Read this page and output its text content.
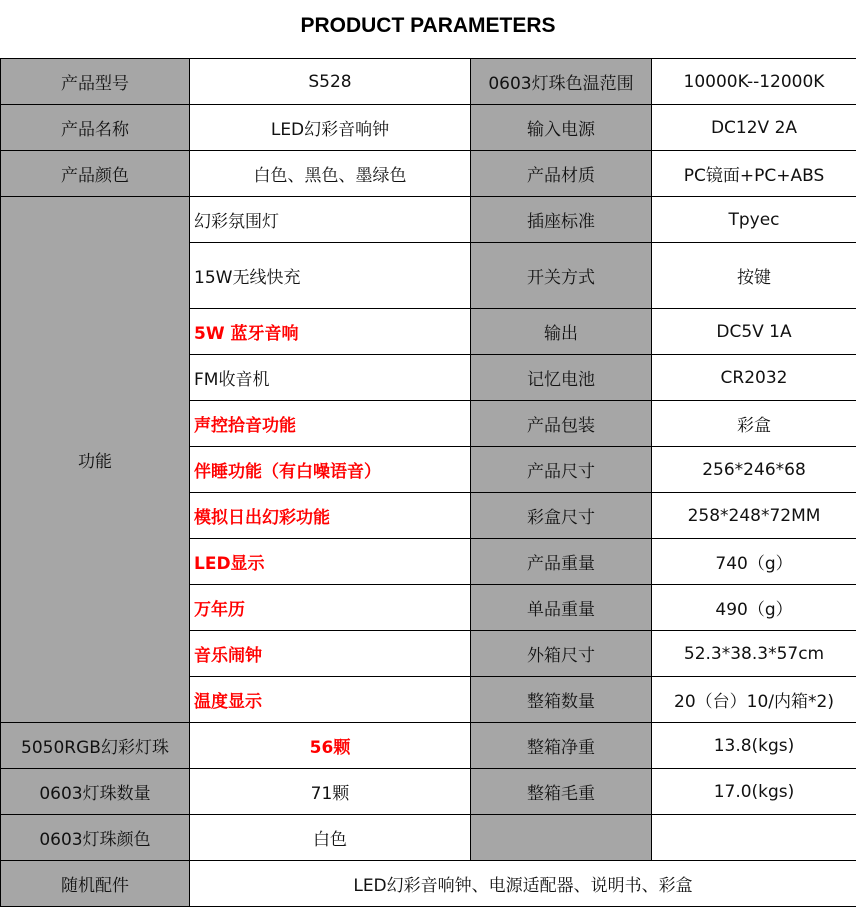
PRODUCT PARAMETERS
产品型号	S528	0603灯珠色温范围	10000K--12000K
产品名称	LED幻彩音响钟	输入电源	DC12V 2A
产品颜色	白色、黑色、墨绿色	产品材质	PC镜面+PC+ABS
功能	幻彩氛围灯	插座标准	Tpyec
	15W无线快充	开关方式	按键
	5W 蓝牙音响	输出	DC5V 1A
	FM收音机	记忆电池	CR2032
	声控拾音功能	产品包装	彩盒
	伴睡功能（有白噪语音）	产品尺寸	256*246*68
	模拟日出幻彩功能	彩盒尺寸	258*248*72MM
	LED显示	产品重量	740（g）
	万年历	单品重量	490（g）
	音乐闹钟	外箱尺寸	52.3*38.3*57cm
	温度显示	整箱数量	20（台）10/内箱*2)
5050RGB幻彩灯珠	56颗	整箱净重	13.8(kgs)
0603灯珠数量	71颗	整箱毛重	17.0(kgs)
0603灯珠颜色	白色		
随机配件	LED幻彩音响钟、电源适配器、说明书、彩盒		
